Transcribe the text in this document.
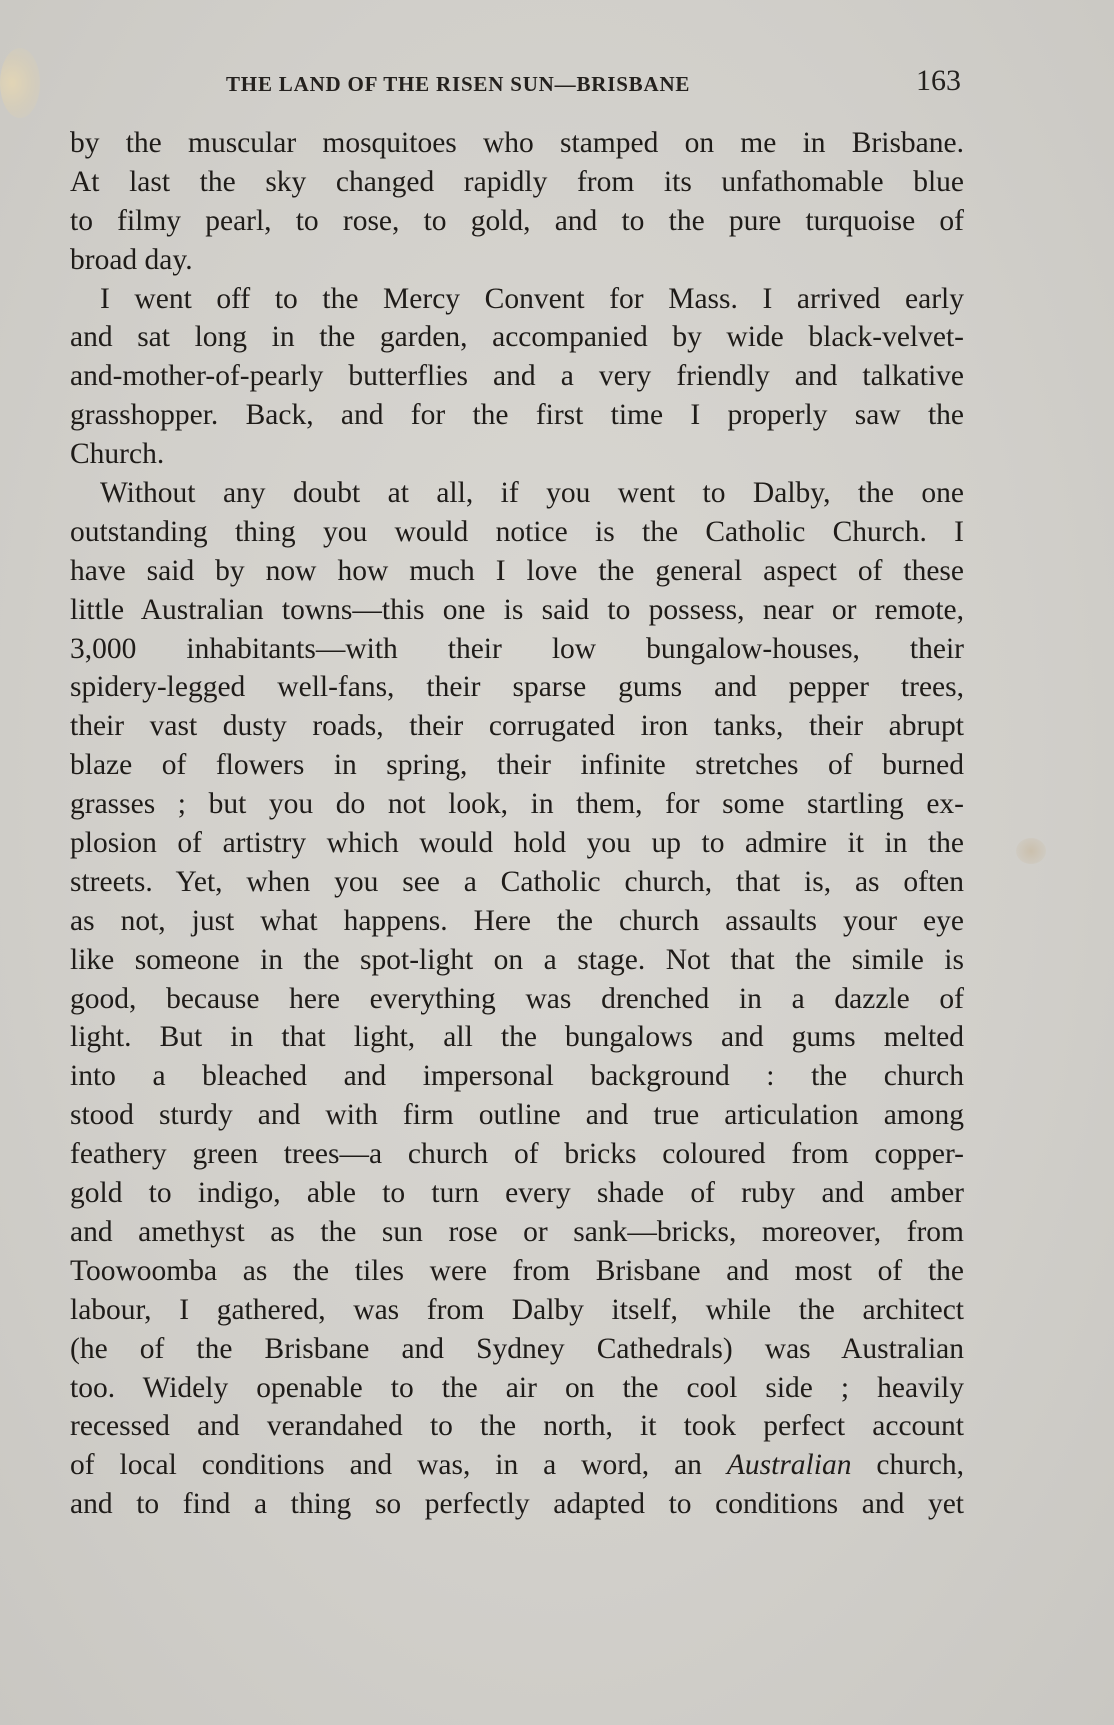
THE LAND OF THE RISEN SUN—BRISBANE	163
by the muscular mosquitoes who stamped on me in Brisbane.
At last the sky changed rapidly from its unfathomable blue
to filmy pearl, to rose, to gold, and to the pure turquoise of
broad day.
I went off to the Mercy Convent for Mass. I arrived early
and sat long in the garden, accompanied by wide black-velvet-
and-mother-of-pearly butterflies and a very friendly and talkative
grasshopper. Back, and for the first time I properly saw the
Church.
Without any doubt at all, if you went to Dalby, the one
outstanding thing you would notice is the Catholic Church. I
have said by now how much I love the general aspect of these
little Australian towns—this one is said to possess, near or remote,
3,000 inhabitants—with their low bungalow-houses, their
spidery-legged well-fans, their sparse gums and pepper trees,
their vast dusty roads, their corrugated iron tanks, their abrupt
blaze of flowers in spring, their infinite stretches of burned
grasses ; but you do not look, in them, for some startling ex-
plosion of artistry which would hold you up to admire it in the
streets. Yet, when you see a Catholic church, that is, as often
as not, just what happens. Here the church assaults your eye
like someone in the spot-light on a stage. Not that the simile is
good, because here everything was drenched in a dazzle of
light. But in that light, all the bungalows and gums melted
into a bleached and impersonal background : the church
stood sturdy and with firm outline and true articulation among
feathery green trees—a church of bricks coloured from copper-
gold to indigo, able to turn every shade of ruby and amber
and amethyst as the sun rose or sank—bricks, moreover, from
Toowoomba as the tiles were from Brisbane and most of the
labour, I gathered, was from Dalby itself, while the architect
(he of the Brisbane and Sydney Cathedrals) was Australian
too. Widely openable to the air on the cool side ; heavily
recessed and verandahed to the north, it took perfect account
of local conditions and was, in a word, an Australian church,
and to find a thing so perfectly adapted to conditions and yet
